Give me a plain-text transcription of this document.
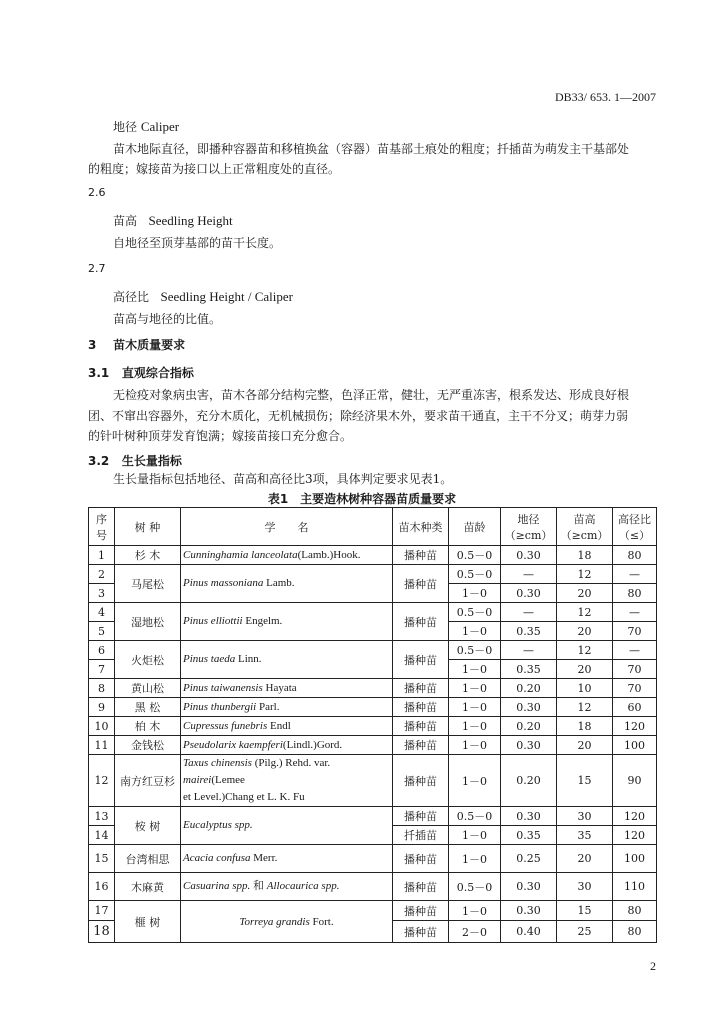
DB33/ 653. 1—2007
地径 Caliper
苗木地际直径，即播种容器苗和移植换盆（容器）苗基部土痕处的粗度；扦插苗为萌发主干基部处
的粗度；嫁接苗为接口以上正常粗度处的直径。
2.6
苗高 Seedling Height
自地径至顶芽基部的苗干长度。
2.7
高径比 Seedling Height / Caliper
苗高与地径的比值。
3 苗木质量要求
3.1 直观综合指标
无检疫对象病虫害，苗木各部分结构完整，色泽正常，健壮，无严重冻害，根系发达、形成良好根
团、不窜出容器外，充分木质化，无机械损伤；除经济果木外，要求苗干通直，主干不分叉；萌芽力弱
的针叶树种顶芽发育饱满；嫁接苗接口充分愈合。
3.2 生长量指标
生长量指标包括地径、苗高和高径比3项，具体判定要求见表1。
表1　主要造林树种容器苗质量要求
序
号	树 种	学　　名	苗木种类	苗龄	地径（≥cm）	苗高（≥cm）	高径比
（≤）
1	杉 木	Cunninghamia lanceolata(Lamb.)Hook.	播种苗	0.5－0	0.30	18	80
2	马尾松	Pinus massoniana Lamb.	播种苗	0.5－0	—	12	—
3				1－0	0.30	20	80
4	湿地松	Pinus elliottii Engelm.	播种苗	0.5－0	—	12	—
5				1－0	0.35	20	70
6	火炬松	Pinus taeda Linn.	播种苗	0.5－0	—	12	—
7				1－0	0.35	20	70
8	黄山松	Pinus taiwanensis Hayata	播种苗	1－0	0.20	10	70
9	黑 松	Pinus thunbergii Parl.	播种苗	1－0	0.30	12	60
10	柏 木	Cupressus funebris Endl	播种苗	1－0	0.20	18	120
11	金钱松	Pseudolarix kaempferi(Lindl.)Gord.	播种苗	1－0	0.30	20	100
12	南方红豆杉	Taxus chinensis (Pilg.) Rehd. var. mairei(Lemee
et Level.)Chang et L. K. Fu	播种苗	1－0	0.20	15	90
13	桉 树	Eucalyptus spp.	播种苗	0.5－0	0.30	30	120
14			扦插苗	1－0	0.35	35	120
15	台湾相思	Acacia confusa Merr.	播种苗	1－0	0.25	20	100
16	木麻黄	Casuarina spp. 和 Allocaurica spp.	播种苗	0.5－0	0.30	30	110
17	榧 树	Torreya grandis Fort.	播种苗	1－0	0.30	15	80
18			播种苗	2－0	0.40	25	80
2
